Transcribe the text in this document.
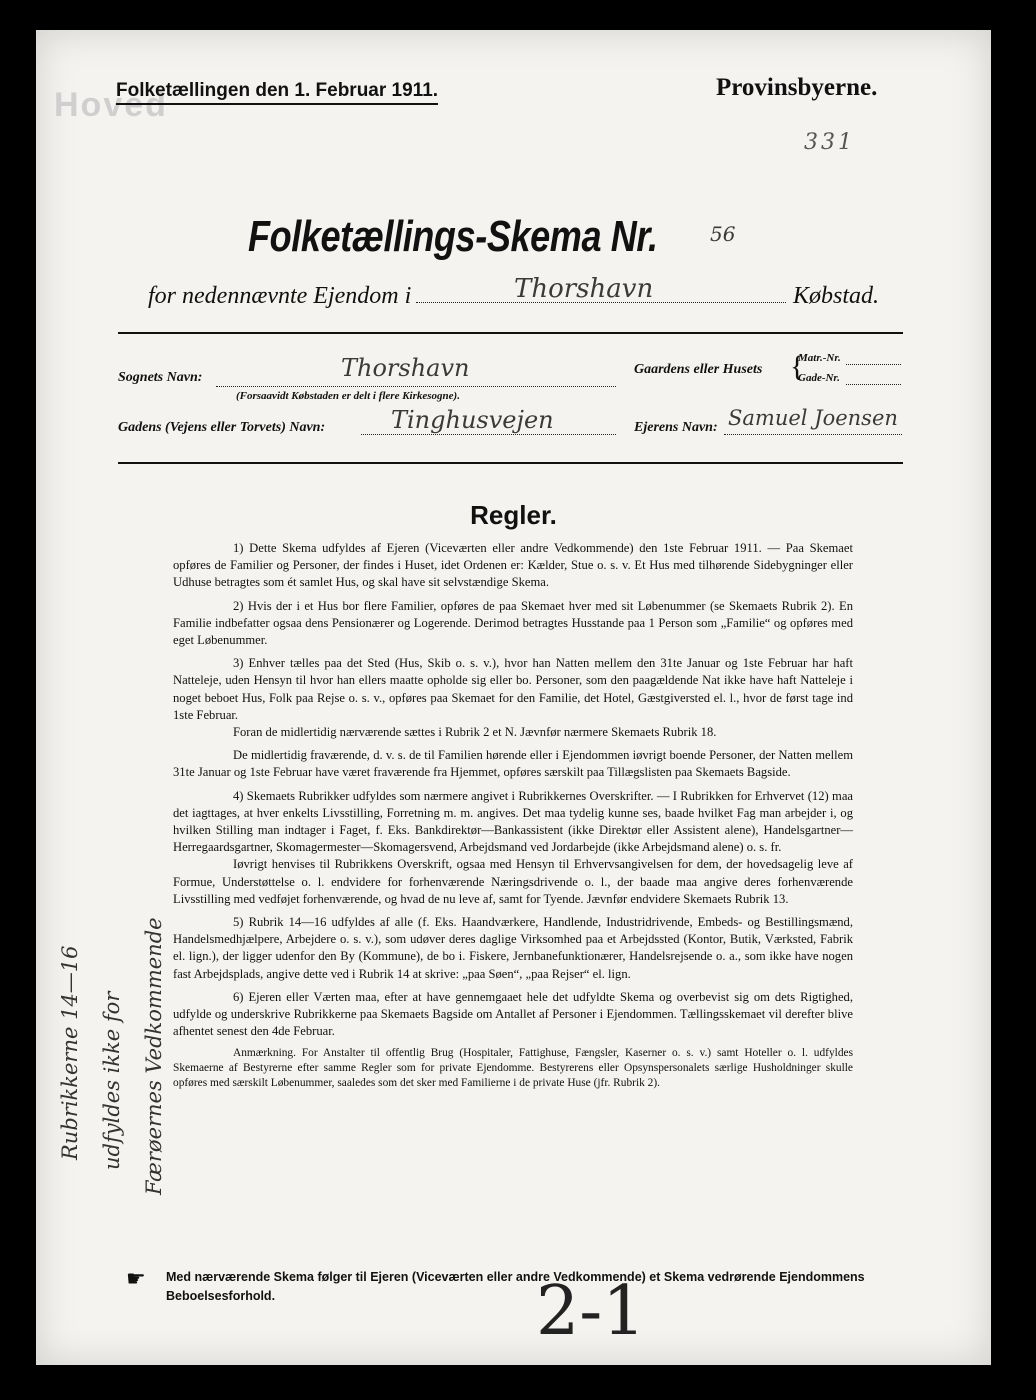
Hoved
Folketællingen den 1. Februar 1911.	Provinsbyerne.
331
Folketællings-Skema Nr.	56
for nedennævnte Ejendom i	Thorshavn	Købstad.
Sognets Navn:	Thorshavn
(Forsaavidt Købstaden er delt i flere Kirkesogne).
Gaardens eller Husets {
Matr.-Nr.
Gade-Nr.
Gadens (Vejens eller Torvets) Navn:	Tinghusvejen	Ejerens Navn: Samuel Joensen
Regler.

1) Dette Skema udfyldes af Ejeren (Viceværten eller andre Vedkommende) den 1ste Februar 1911. — Paa Skemaet opføres de Familier og Personer, der findes i Huset, idet Ordenen er: Kælder, Stue o. s. v. Et Hus med tilhørende Sidebygninger eller Udhuse betragtes som ét samlet Hus, og skal have sit selvstændige Skema.

2) Hvis der i et Hus bor flere Familier, opføres de paa Skemaet hver med sit Løbenummer (se Skemaets Rubrik 2). En Familie indbefatter ogsaa dens Pensionærer og Logerende. Derimod betragtes Husstande paa 1 Person som „Familie“ og opføres med eget Løbenummer.

3) Enhver tælles paa det Sted (Hus, Skib o. s. v.), hvor han Natten mellem den 31te Januar og 1ste Februar har haft Natteleje, uden Hensyn til hvor han ellers maatte opholde sig eller bo. Personer, som den paagældende Nat ikke have haft Natteleje i noget beboet Hus, Folk paa Rejse o. s. v., opføres paa Skemaet for den Familie, det Hotel, Gæstgiversted el. l., hvor de først tage ind 1ste Februar.

Foran de midlertidig nærværende sættes i Rubrik 2 et N. Jævnfør nærmere Skemaets Rubrik 18.

De midlertidig fraværende, d. v. s. de til Familien hørende eller i Ejendommen iøvrigt boende Personer, der Natten mellem 31te Januar og 1ste Februar have været fraværende fra Hjemmet, opføres særskilt paa Tillægslisten paa Skemaets Bagside.

4) Skemaets Rubrikker udfyldes som nærmere angivet i Rubrikkernes Overskrifter. — I Rubrikken for Erhvervet (12) maa det iagttages, at hver enkelts Livsstilling, Forretning m. m. angives. Det maa tydelig kunne ses, baade hvilket Fag man arbejder i, og hvilken Stilling man indtager i Faget, f. Eks. Bankdirektør—Bankassistent (ikke Direktør eller Assistent alene), Handelsgartner—Herregaardsgartner, Skomagermester—Skomagersvend, Arbejdsmand ved Jordarbejde (ikke Arbejdsmand alene) o. s. fr.

Iøvrigt henvises til Rubrikkens Overskrift, ogsaa med Hensyn til Erhvervsangivelsen for dem, der hovedsagelig leve af Formue, Understøttelse o. l. endvidere for forhenværende Næringsdrivende o. l., der baade maa angive deres forhenværende Livsstilling med vedføjet forhenværende, og hvad de nu leve af, samt for Tyende. Jævnfør endvidere Skemaets Rubrik 13.

5) Rubrik 14—16 udfyldes af alle (f. Eks. Haandværkere, Handlende, Industridrivende, Embeds- og Bestillingsmænd, Handelsmedhjælpere, Arbejdere o. s. v.), som udøver deres daglige Virksomhed paa et Arbejdssted (Kontor, Butik, Værksted, Fabrik el. lign.), der ligger udenfor den By (Kommune), de bo i. Fiskere, Jernbanefunktionærer, Handelsrejsende o. a., som ikke have nogen fast Arbejdsplads, angive dette ved i Rubrik 14 at skrive: „paa Søen“, „paa Rejser“ el. lign.

6) Ejeren eller Værten maa, efter at have gennemgaaet hele det udfyldte Skema og overbevist sig om dets Rigtighed, udfylde og underskrive Rubrikkerne paa Skemaets Bagside om Antallet af Personer i Ejendommen. Tællingsskemaet vil derefter blive afhentet senest den 4de Februar.

Anmærkning. For Anstalter til offentlig Brug (Hospitaler, Fattighuse, Fængsler, Kaserner o. s. v.) samt Hoteller o. l. udfyldes Skemaerne af Bestyrerne efter samme Regler som for private Ejendomme. Bestyrerens eller Opsynspersonalets særlige Husholdninger skulle opføres med særskilt Løbenummer, saaledes som det sker med Familierne i de private Huse (jfr. Rubrik 2).

Rubrikkerne 14—16 udfyldes ikke for Færøernes Vedkommende
☛ Med nærværende Skema følger til Ejeren (Viceværten eller andre Vedkommende) et Skema vedrørende Ejendommens Beboelsesforhold.	2-1
